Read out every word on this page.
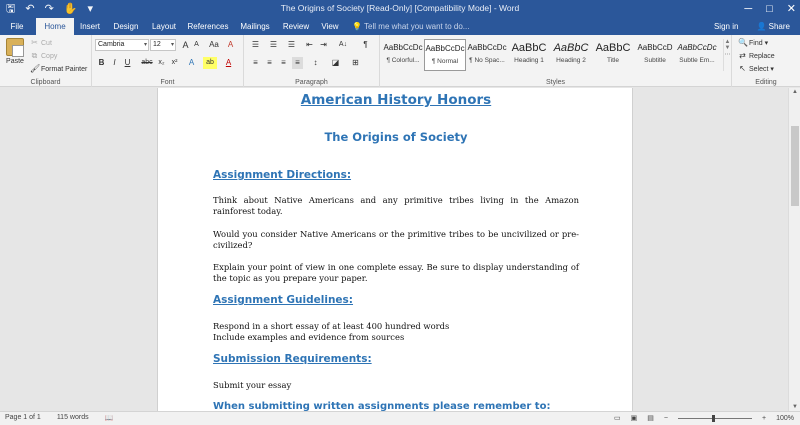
🖫 ↶ ↷ ✋ ▾	The Origins of Society [Read-Only] [Compatibility Mode] - Word	─ □ ✕
File	Home	Insert	Design	Layout	References	Mailings	Review	View	💡 Tell me what you want to do...	Sign in 👤 Share
Paste
✂ Cut
⧉ Copy
🖌Format Painter
Clipboard
Cambria	▾ 12 ▾ A A	Aa	A
B	I	U	abc x₂ x²	A	ab	A
Font
☰ ☰ ☰ ⇤ ⇥	A↓	¶
≡	≡	≡	≡	↕	◪ ⊞
Paragraph	Styles
AaBbCcDc
¶ Colorful...
AaBbCcDc
¶ Normal
AaBbCcDc
¶ No Spac...
AaBbC
Heading 1
AaBbC
Heading 2
AaBbC
Title
AaBbCcD
Subtitle
AaBbCcDc
Subtle Em...
▲
▼
⋯
🔍Find ▾
⇄ Replace
↖ Select ▾
Editing
American History Honors
The Origins of Society
Assignment Directions:
Think about Native Americans and any primitive tribes living in the Amazon rainforest today.
Would you consider Native Americans or the primitive tribes to be uncivilized or pre-civilized?
Explain your point of view in one complete essay. Be sure to display understanding of the topic as you prepare your paper.
Assignment Guidelines:
Respond in a short essay of at least 400 hundred words
Include examples and evidence from sources
Submission Requirements:
Submit your essay
When submitting written assignments please remember to:
▲
▼
Page 1 of 1 115 words 📖	▭ ▣ ▤ −	+ 100%
